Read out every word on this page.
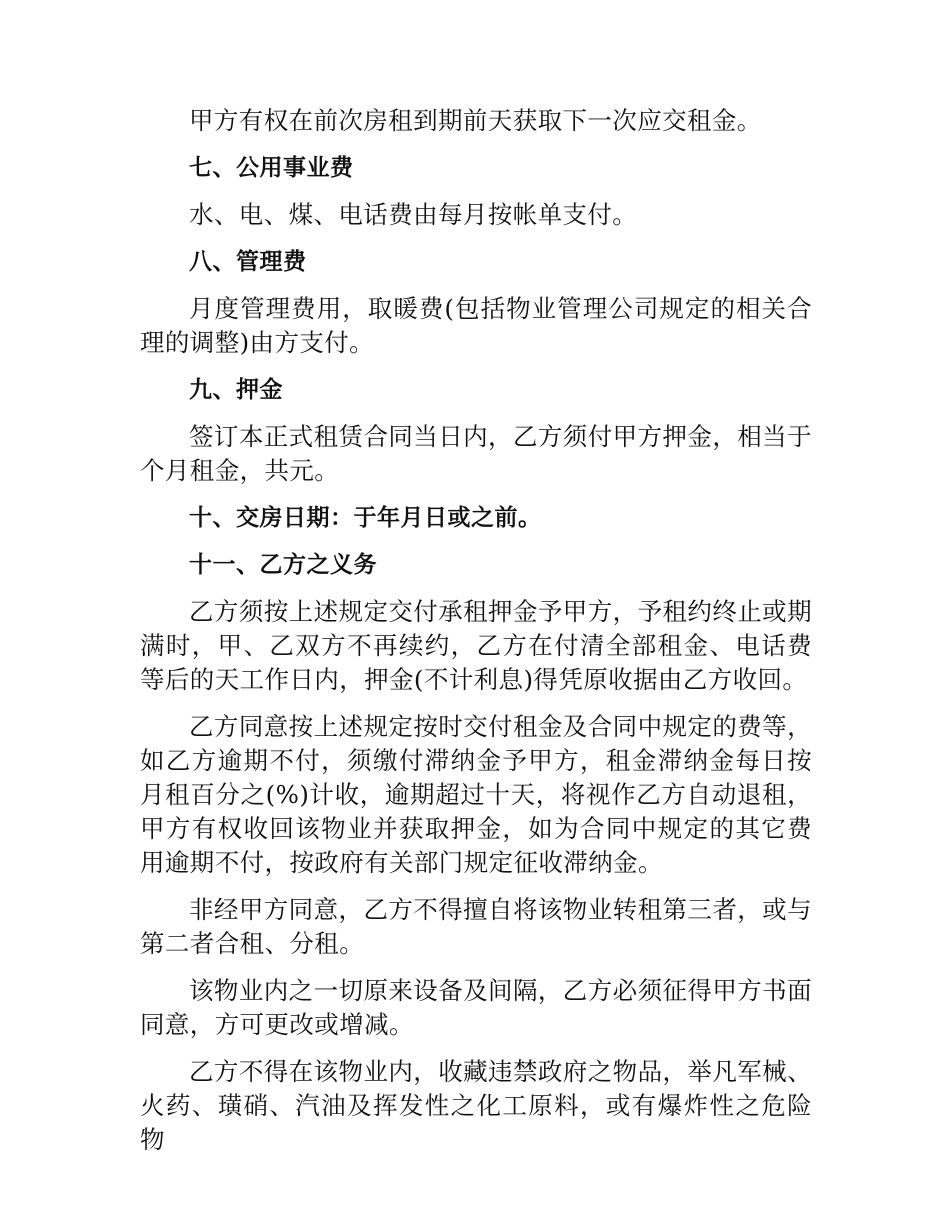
甲方有权在前次房租到期前天获取下一次应交租金。

七、公用事业费

水、电、煤、电话费由每月按帐单支付。

八、管理费

月度管理费用，取暖费(包括物业管理公司规定的相关合理的调整)由方支付。

九、押金

签订本正式租赁合同当日内，乙方须付甲方押金，相当于个月租金，共元。

十、交房日期：于年月日或之前。

十一、乙方之义务

乙方须按上述规定交付承租押金予甲方，予租约终止或期满时，甲、乙双方不再续约，乙方在付清全部租金、电话费等后的天工作日内，押金(不计利息)得凭原收据由乙方收回。

乙方同意按上述规定按时交付租金及合同中规定的费等，如乙方逾期不付，须缴付滞纳金予甲方，租金滞纳金每日按月租百分之(%)计收，逾期超过十天，将视作乙方自动退租，甲方有权收回该物业并获取押金，如为合同中规定的其它费用逾期不付，按政府有关部门规定征收滞纳金。

非经甲方同意，乙方不得擅自将该物业转租第三者，或与第二者合租、分租。

该物业内之一切原来设备及间隔，乙方必须征得甲方书面同意，方可更改或增减。

乙方不得在该物业内，收藏违禁政府之物品，举凡军械、火药、璜硝、汽油及挥发性之化工原料，或有爆炸性之危险物
